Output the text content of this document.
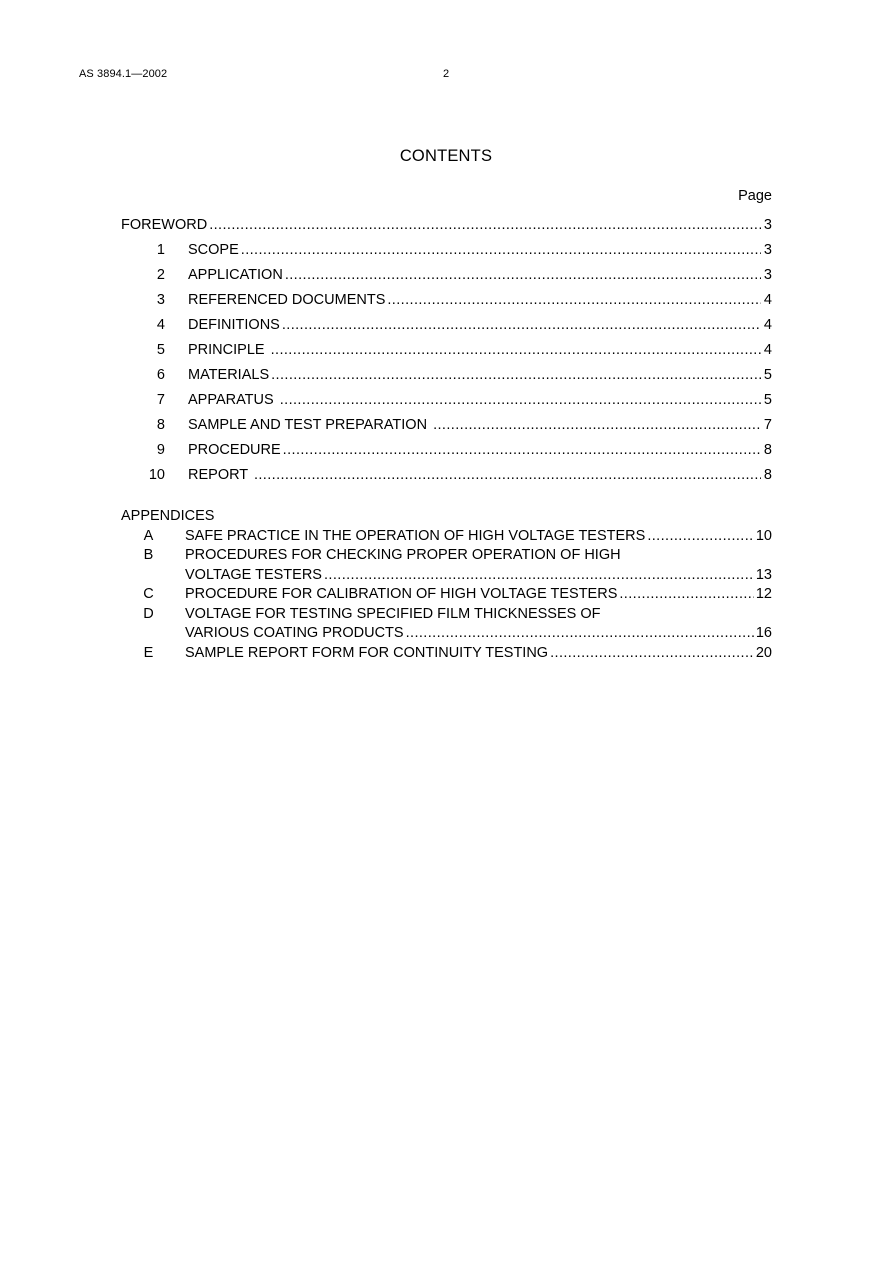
AS 3894.1—2002	2
CONTENTS
Page
FOREWORD .....	3
1 SCOPE .....	3
2 APPLICATION .....	3
3 REFERENCED DOCUMENTS .....	4
4 DEFINITIONS .....	4
5 PRINCIPLE .....	4
6 MATERIALS .....	5
7 APPARATUS .....	5
8 SAMPLE AND TEST PREPARATION .....	7
9 PROCEDURE .....	8
10 REPORT .....	8
APPENDICES
A	SAFE PRACTICE IN THE OPERATION OF HIGH VOLTAGE TESTERS .....	10
B	PROCEDURES FOR CHECKING PROPER OPERATION OF HIGH
VOLTAGE TESTERS .....	13
C	PROCEDURE FOR CALIBRATION OF HIGH VOLTAGE TESTERS .....	12
D	VOLTAGE FOR TESTING SPECIFIED FILM THICKNESSES OF
VARIOUS COATING PRODUCTS .....	16
E	SAMPLE REPORT FORM FOR CONTINUITY TESTING .....	20
